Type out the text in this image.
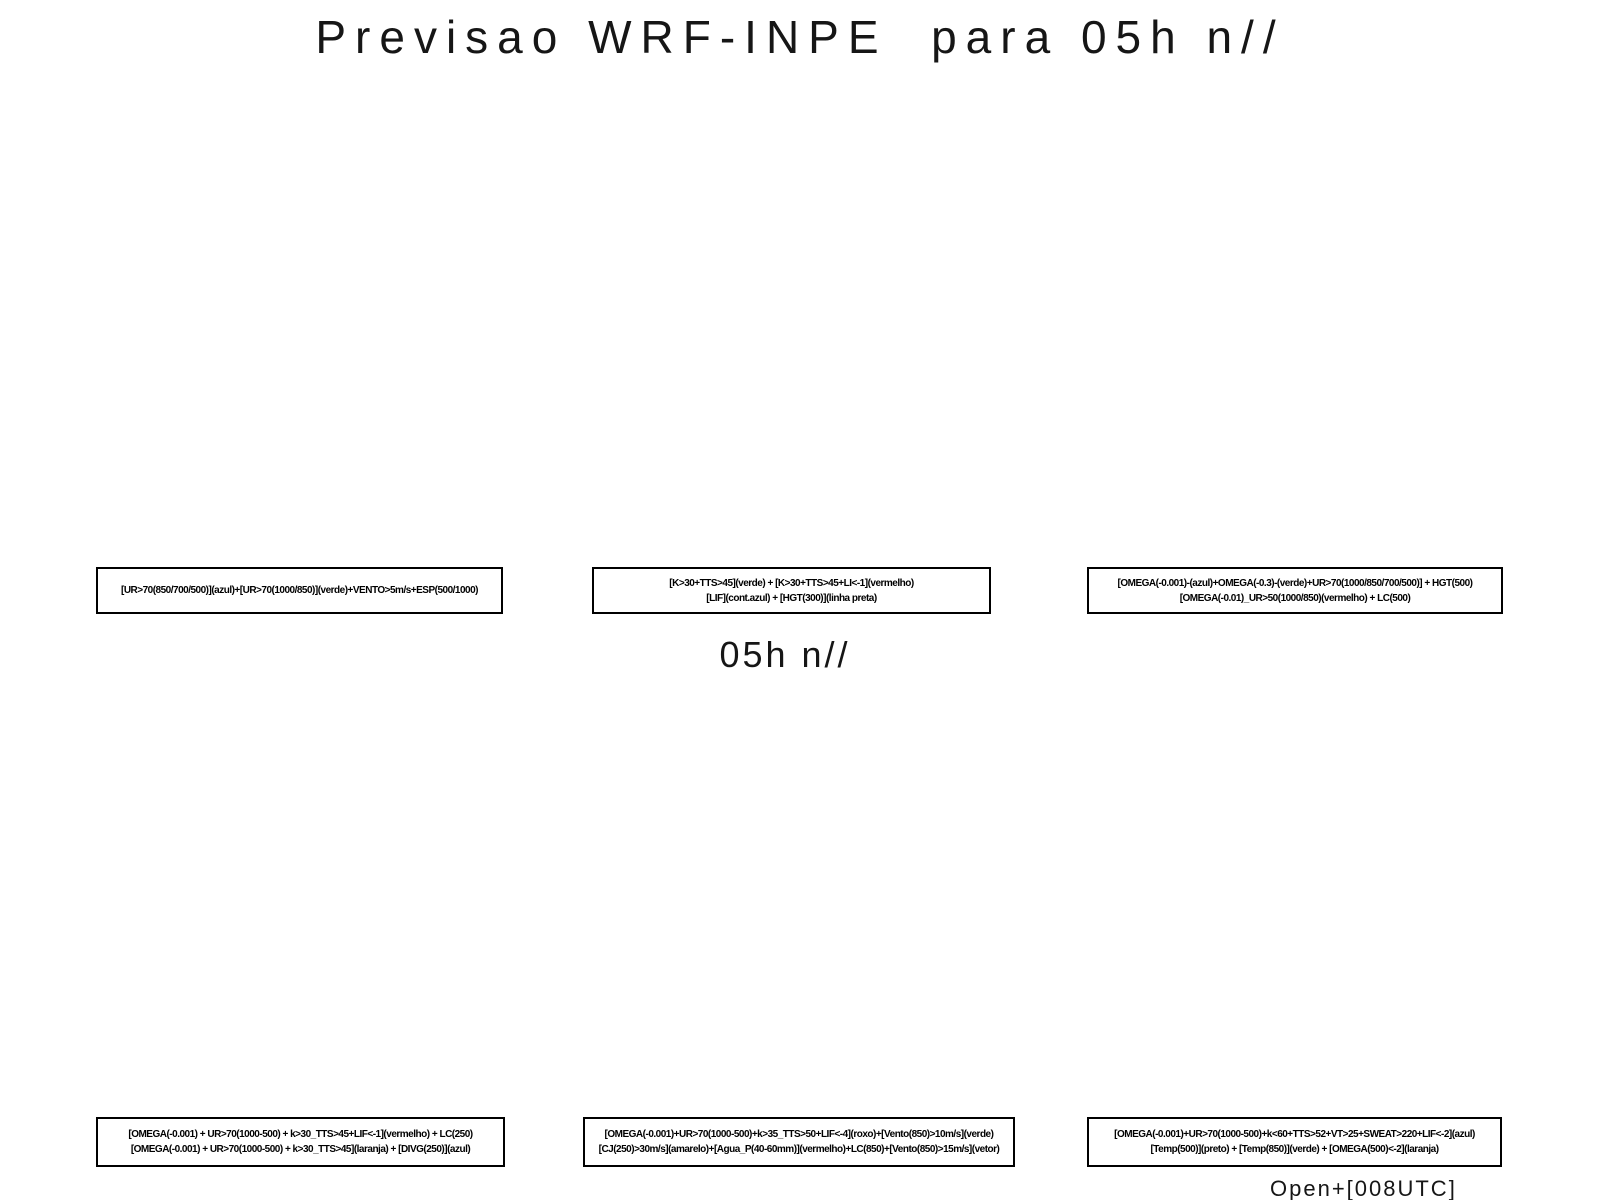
Previsao WRF-INPE  para 05h n//
[UR>70(850/700/500)](azul)+[UR>70(1000/850)](verde)+VENTO>5m/s+ESP(500/1000)
[K>30+TTS>45](verde) + [K>30+TTS>45+LI<-1](vermelho)
[LIF](cont.azul) + [HGT(300)](linha preta)
[OMEGA(-0.001)-(azul)+OMEGA(-0.3)-(verde)+UR>70(1000/850/700/500)] + HGT(500)
[OMEGA(-0.01)_UR>50(1000/850)(vermelho) + LC(500)
05h n//
[OMEGA(-0.001) + UR>70(1000-500) + k>30_TTS>45+LIF<-1](vermelho) + LC(250)
[OMEGA(-0.001) + UR>70(1000-500) + k>30_TTS>45](laranja) + [DIVG(250)](azul)
[OMEGA(-0.001)+UR>70(1000-500)+k>35_TTS>50+LIF<-4](roxo)+[Vento(850)>10m/s](verde)
[CJ(250)>30m/s](amarelo)+[Agua_P(40-60mm)](vermelho)+LC(850)+[Vento(850)>15m/s](vetor)
[OMEGA(-0.001)+UR>70(1000-500)+k<60+TTS>52+VT>25+SWEAT>220+LIF<-2](azul)
[Temp(500)](preto) + [Temp(850)](verde) + [OMEGA(500)<-2](laranja)
Open+[008UTC]
